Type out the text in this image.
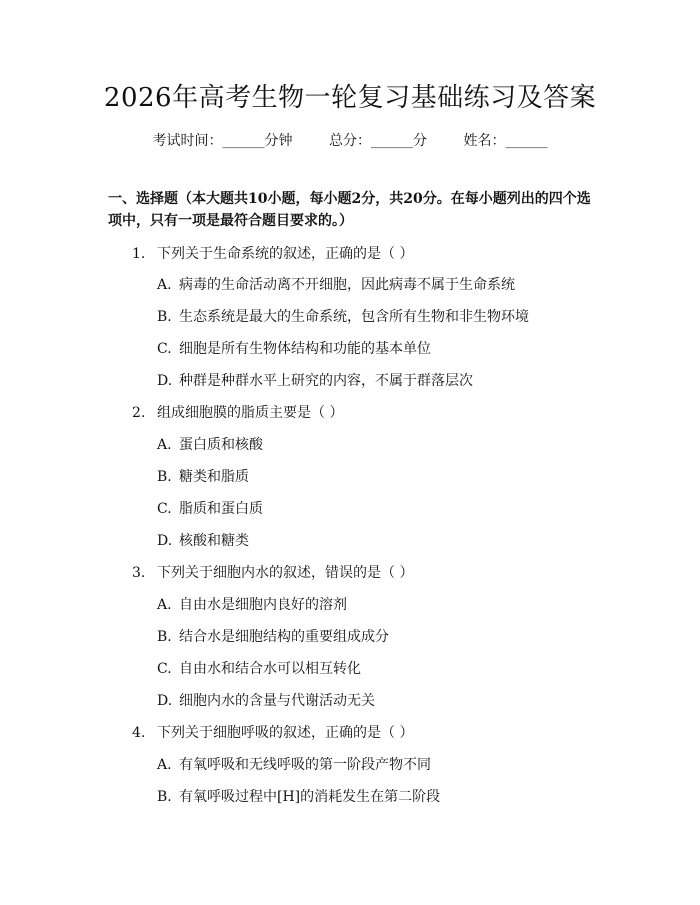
2026年高考生物一轮复习基础练习及答案
考试时间：______分钟	总分：______分	姓名：______
一、选择题（本大题共10小题，每小题2分，共20分。在每小题列出的四个选项中，只有一项是最符合题目要求的。）
1. 下列关于生命系统的叙述，正确的是（ ）
A. 病毒的生命活动离不开细胞，因此病毒不属于生命系统
B. 生态系统是最大的生命系统，包含所有生物和非生物环境
C. 细胞是所有生物体结构和功能的基本单位
D. 种群是种群水平上研究的内容，不属于群落层次
2. 组成细胞膜的脂质主要是（ ）
A. 蛋白质和核酸
B. 糖类和脂质
C. 脂质和蛋白质
D. 核酸和糖类
3. 下列关于细胞内水的叙述，错误的是（ ）
A. 自由水是细胞内良好的溶剂
B. 结合水是细胞结构的重要组成成分
C. 自由水和结合水可以相互转化
D. 细胞内水的含量与代谢活动无关
4. 下列关于细胞呼吸的叙述，正确的是（ ）
A. 有氧呼吸和无线呼吸的第一阶段产物不同
B. 有氧呼吸过程中[H]的消耗发生在第二阶段
